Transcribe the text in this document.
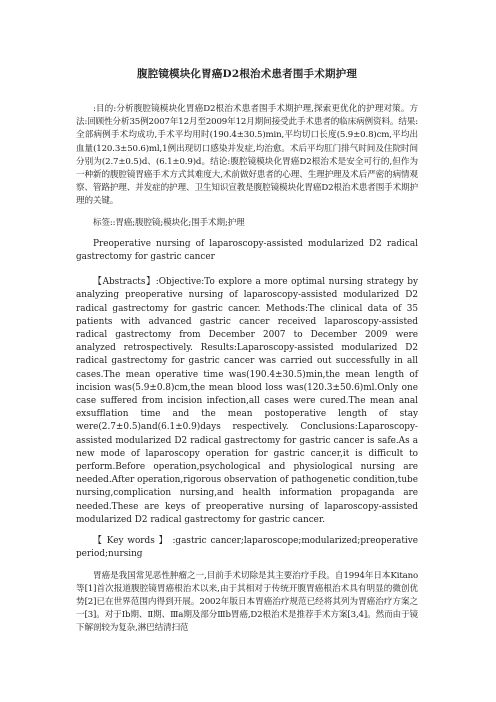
腹腔镜模块化胃癌D2根治术患者围手术期护理

:目的:分析腹腔镜模块化胃癌D2根治术患者围手术期护理,探索更优化的护理对策。方法:回顾性分析35例2007年12月至2009年12月期间接受此手术患者的临床病例资料。结果:全部病例手术均成功,手术平均用时(190.4±30.5)min,平均切口长度(5.9±0.8)cm,平均出血量(120.3±50.6)ml,1例出现切口感染并发症,均治愈。术后平均肛门排气时间及住院时间分别为(2.7±0.5)d、(6.1±0.9)d。结论:腹腔镜模块化胃癌D2根治术是安全可行的,但作为一种新的腹腔镜胃癌手术方式其难度大,术前做好患者的心理、生理护理及术后严密的病情观察、管路护理、并发症的护理、卫生知识宣教是腹腔镜模块化胃癌D2根治术患者围手术期护理的关键。

标签::胃癌;腹腔镜;模块化;围手术期;护理

Preoperative nursing of laparoscopy-assisted modularized D2 radical gastrectomy for gastric cancer

【Abstracts】:Objective:To explore a more optimal nursing strategy by analyzing preoperative nursing of laparoscopy-assisted modularized D2 radical gastrectomy for gastric cancer. Methods:The clinical data of 35 patients with advanced gastric cancer received laparoscopy-assisted radical gastrectomy from December 2007 to December 2009 were analyzed retrospectively. Results:Laparoscopy-assisted modularized D2 radical gastrectomy for gastric cancer was carried out successfully in all cases.The mean operative time was(190.4±30.5)min,the mean length of incision was(5.9±0.8)cm,the mean blood loss was(120.3±50.6)ml.Only one case suffered from incision infection,all cases were cured.The mean anal exsufflation time and the mean postoperative length of stay were(2.7±0.5)and(6.1±0.9)days respectively. Conclusions:Laparoscopy-assisted modularized D2 radical gastrectomy for gastric cancer is safe.As a new mode of laparoscopy operation for gastric cancer,it is difficult to perform.Before operation,psychological and physiological nursing are needed.After operation,rigorous observation of pathogenetic condition,tube nursing,complication nursing,and health information propaganda are needed.These are keys of preoperative nursing of laparoscopy-assisted modularized D2 radical gastrectomy for gastric cancer.

【 Key words 】 :gastric cancer;laparoscope;modularized;preoperative period;nursing

胃癌是我国常见恶性肿瘤之一,目前手术切除是其主要治疗手段。自1994年日本Kitano等[1]首次报道腹腔镜胃癌根治术以来,由于其相对于传统开腹胃癌根治术具有明显的微创优势[2]已在世界范围内得到开展。2002年版日本胃癌治疗规范已经将其列为胃癌治疗方案之一[3]。对于Ⅰb期、Ⅱ期、Ⅲa期及部分Ⅲb胃癌,D2根治术是推荐手术方案[3,4]。然而由于镜下解剖较为复杂,淋巴结清扫范
